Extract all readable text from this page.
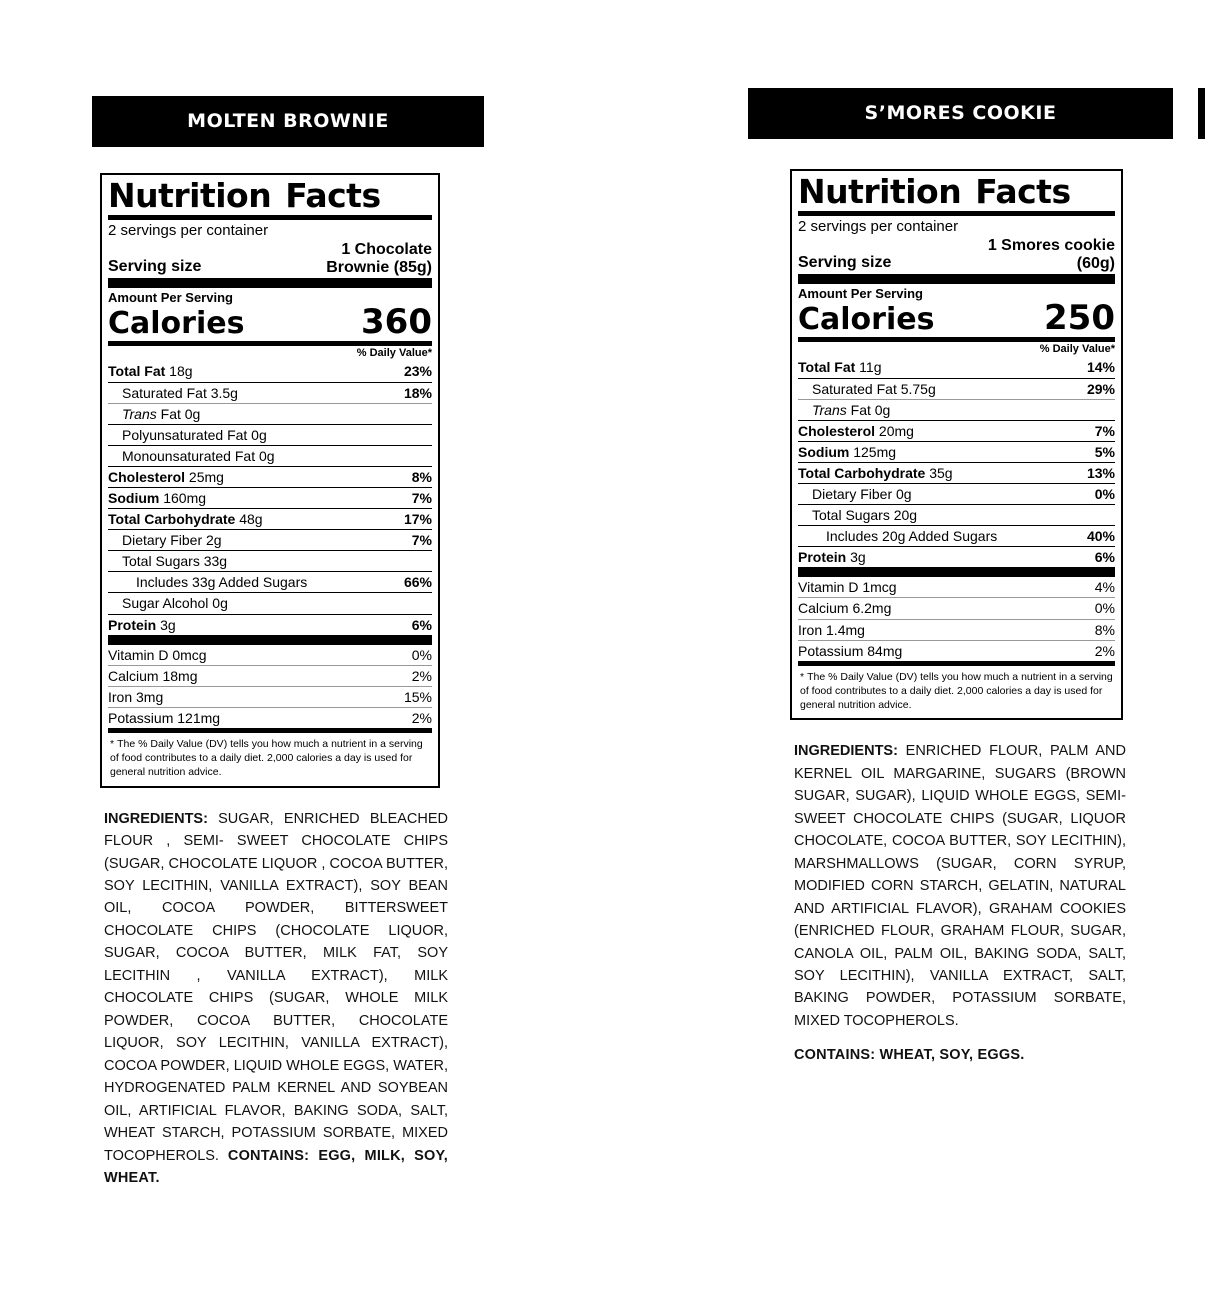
MOLTEN BROWNIE
Nutrition Facts
2 servings per container
Serving size
1 Chocolate
Brownie (85g)
Amount Per Serving
Calories	360
% Daily Value*
Total Fat 18g	23%
Saturated Fat 3.5g	18%
Trans Fat 0g
Polyunsaturated Fat 0g
Monounsaturated Fat 0g
Cholesterol 25mg	8%
Sodium 160mg	7%
Total Carbohydrate 48g	17%
Dietary Fiber 2g	7%
Total Sugars 33g
Includes 33g Added Sugars	66%
Sugar Alcohol 0g
Protein 3g	6%
Vitamin D 0mcg	0%
Calcium 18mg	2%
Iron 3mg	15%
Potassium 121mg	2%
* The % Daily Value (DV) tells you how much a nutrient in a serving of food contributes to a daily diet. 2,000 calories a day is used for general nutrition advice.
INGREDIENTS: SUGAR, ENRICHED BLEACHED FLOUR , SEMI- SWEET CHOCOLATE CHIPS (SUGAR, CHOCOLATE LIQUOR , COCOA BUTTER, SOY LECITHIN, VANILLA EXTRACT), SOY BEAN OIL, COCOA POWDER, BITTERSWEET CHOCOLATE CHIPS (CHOCOLATE LIQUOR, SUGAR, COCOA BUTTER, MILK FAT, SOY LECITHIN , VANILLA EXTRACT), MILK CHOCOLATE CHIPS (SUGAR, WHOLE MILK POWDER, COCOA BUTTER, CHOCOLATE LIQUOR, SOY LECITHIN, VANILLA EXTRACT), COCOA POWDER, LIQUID WHOLE EGGS, WATER, HYDROGENATED PALM KERNEL AND SOYBEAN OIL, ARTIFICIAL FLAVOR, BAKING SODA, SALT, WHEAT STARCH, POTASSIUM SORBATE, MIXED TOCOPHEROLS. CONTAINS: EGG, MILK, SOY, WHEAT.
S’MORES COOKIE
Nutrition Facts
2 servings per container
Serving size
1 Smores cookie
(60g)
Amount Per Serving
Calories	250
% Daily Value*
Total Fat 11g	14%
Saturated Fat 5.75g	29%
Trans Fat 0g
Cholesterol 20mg	7%
Sodium 125mg	5%
Total Carbohydrate 35g	13%
Dietary Fiber 0g	0%
Total Sugars 20g
Includes 20g Added Sugars	40%
Protein 3g	6%
Vitamin D 1mcg	4%
Calcium 6.2mg	0%
Iron 1.4mg	8%
Potassium 84mg	2%
* The % Daily Value (DV) tells you how much a nutrient in a serving of food contributes to a daily diet. 2,000 calories a day is used for general nutrition advice.
INGREDIENTS: ENRICHED FLOUR, PALM AND KERNEL OIL MARGARINE, SUGARS (BROWN SUGAR, SUGAR), LIQUID WHOLE EGGS, SEMI-SWEET CHOCOLATE CHIPS (SUGAR, LIQUOR CHOCOLATE, COCOA BUTTER, SOY LECITHIN), MARSHMALLOWS (SUGAR, CORN SYRUP, MODIFIED CORN STARCH, GELATIN, NATURAL AND ARTIFICIAL FLAVOR), GRAHAM COOKIES (ENRICHED FLOUR, GRAHAM FLOUR, SUGAR, CANOLA OIL, PALM OIL, BAKING SODA, SALT, SOY LECITHIN), VANILLA EXTRACT, SALT, BAKING POWDER, POTASSIUM SORBATE, MIXED TOCOPHEROLS.
CONTAINS: WHEAT, SOY, EGGS.
